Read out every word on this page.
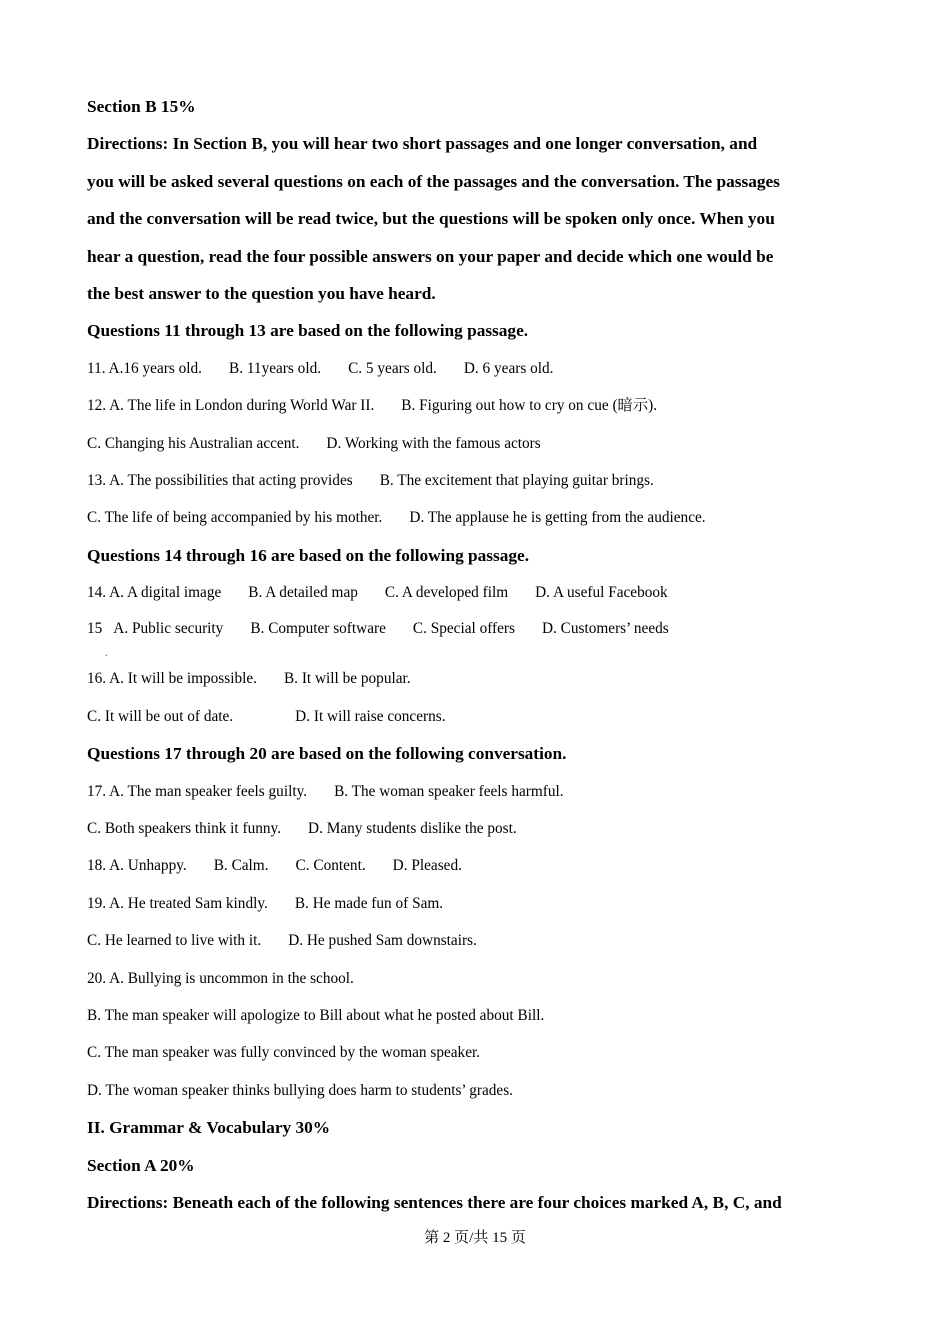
Section B 15%
Directions: In Section B, you will hear two short passages and one longer conversation, and
you will be asked several questions on each of the passages and the conversation. The passages
and the conversation will be read twice, but the questions will be spoken only once. When you
hear a question, read the four possible answers on your paper and decide which one would be
the best answer to the question you have heard.
Questions 11 through 13 are based on the following passage.
11. A.16 years old. B. 11years old. C. 5 years old. D. 6 years old.
12. A. The life in London during World War II. B. Figuring out how to cry on cue (暗示).
C. Changing his Australian accent. D. Working with the famous actors
13. A. The possibilities that acting provides B. The excitement that playing guitar brings.
C. The life of being accompanied by his mother. D. The applause he is getting from the audience.
Questions 14 through 16 are based on the following passage.
14. A. A digital image B. A detailed map C. A developed film D. A useful Facebook
15 A. Public security B. Computer software C. Special offers D. Customers’ needs
.
16. A. It will be impossible. B. It will be popular.
C. It will be out of date.	D. It will raise concerns.
Questions 17 through 20 are based on the following conversation.
17. A. The man speaker feels guilty. B. The woman speaker feels harmful.
C. Both speakers think it funny. D. Many students dislike the post.
18. A. Unhappy. B. Calm. C. Content. D. Pleased.
19. A. He treated Sam kindly. B. He made fun of Sam.
C. He learned to live with it. D. He pushed Sam downstairs.
20. A. Bullying is uncommon in the school.
B. The man speaker will apologize to Bill about what he posted about Bill.
C. The man speaker was fully convinced by the woman speaker.
D. The woman speaker thinks bullying does harm to students’ grades.
II. Grammar & Vocabulary 30%
Section A 20%
Directions: Beneath each of the following sentences there are four choices marked A, B, C, and
第 2 页/共 15 页
